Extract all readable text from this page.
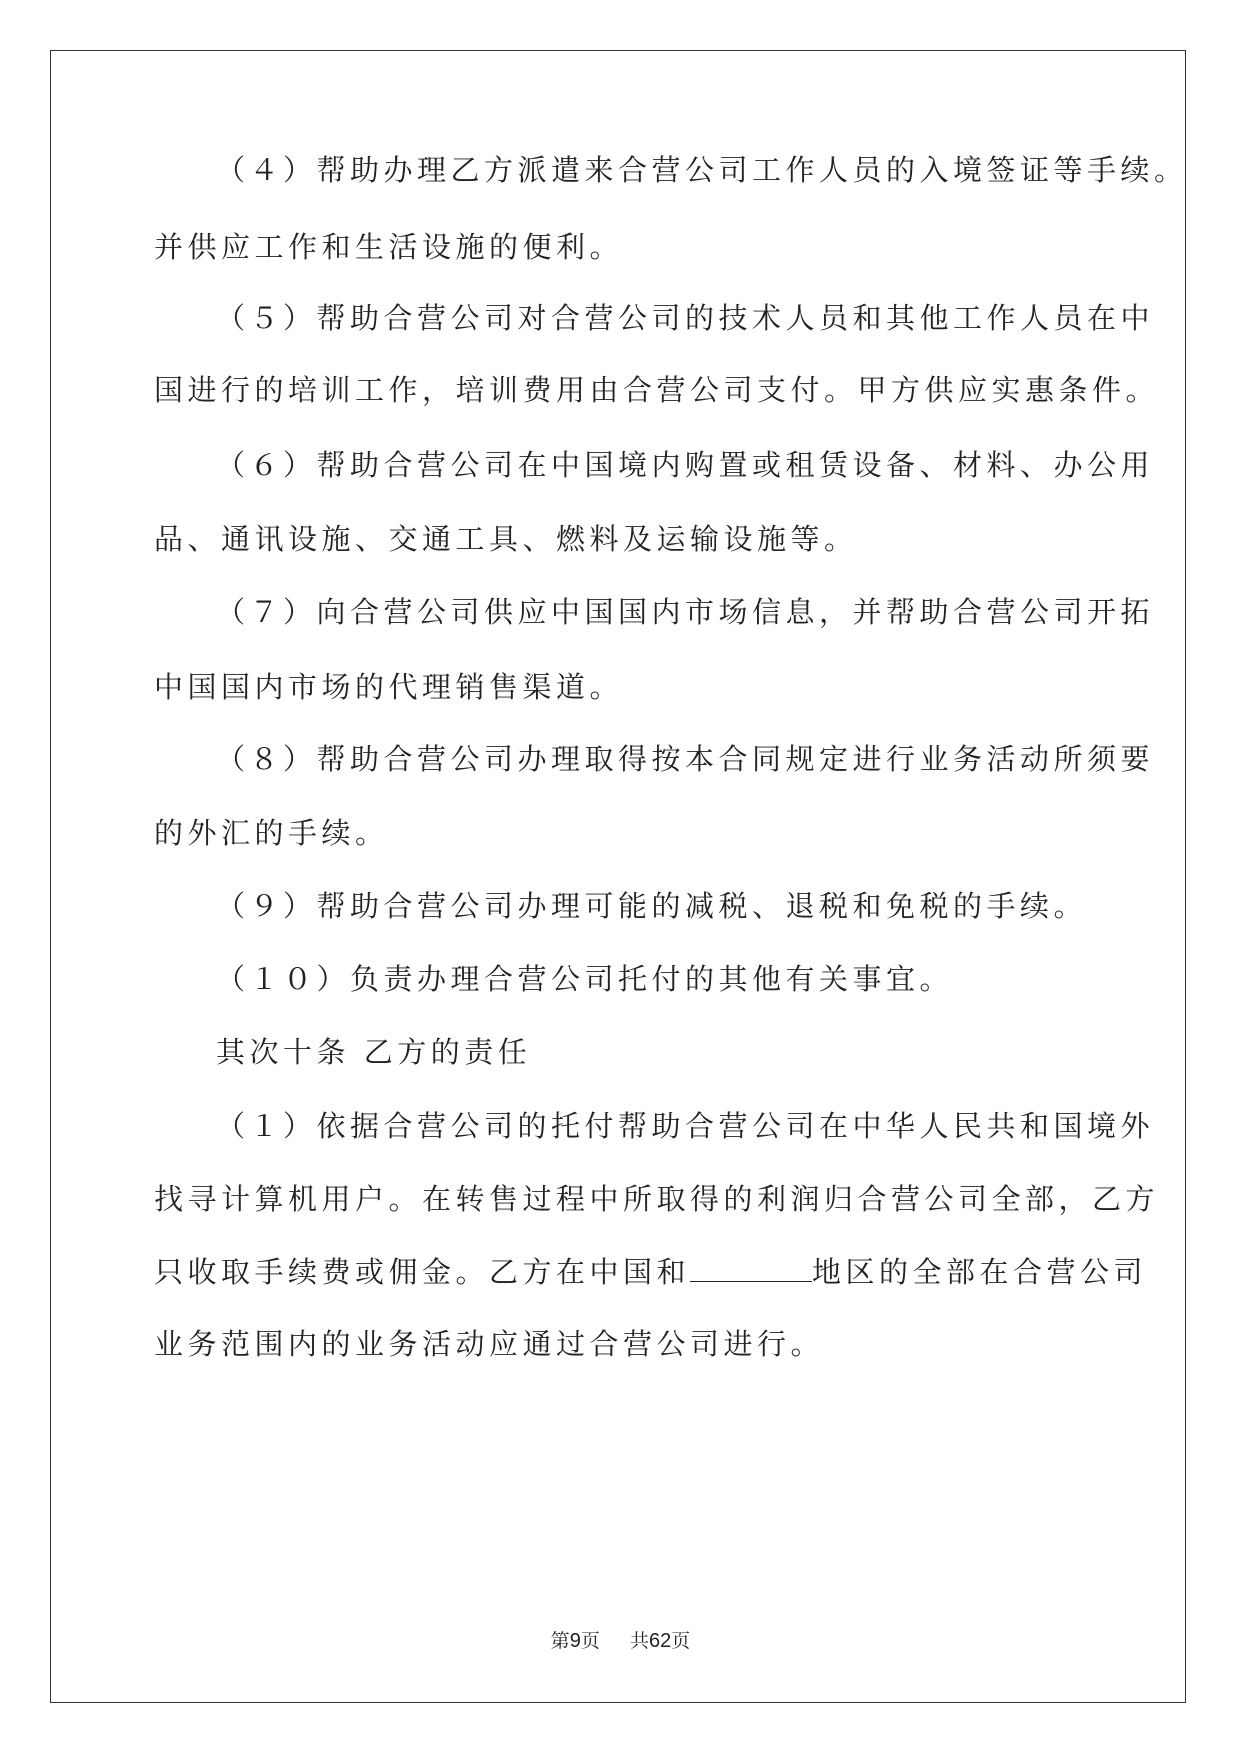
（４）帮助办理乙方派遣来合营公司工作人员的入境签证等手续。
并供应工作和生活设施的便利。
（５）帮助合营公司对合营公司的技术人员和其他工作人员在中
国进行的培训工作，培训费用由合营公司支付。甲方供应实惠条件。
（６）帮助合营公司在中国境内购置或租赁设备、材料、办公用
品、通讯设施、交通工具、燃料及运输设施等。
（７）向合营公司供应中国国内市场信息，并帮助合营公司开拓
中国国内市场的代理销售渠道。
（８）帮助合营公司办理取得按本合同规定进行业务活动所须要
的外汇的手续。
（９）帮助合营公司办理可能的减税、退税和免税的手续。
（１０）负责办理合营公司托付的其他有关事宜。
其次十条 乙方的责任
（１）依据合营公司的托付帮助合营公司在中华人民共和国境外
找寻计算机用户。在转售过程中所取得的利润归合营公司全部，乙方
只收取手续费或佣金。乙方在中国和	地区的全部在合营公司
业务范围内的业务活动应通过合营公司进行。
第9页 共62页
